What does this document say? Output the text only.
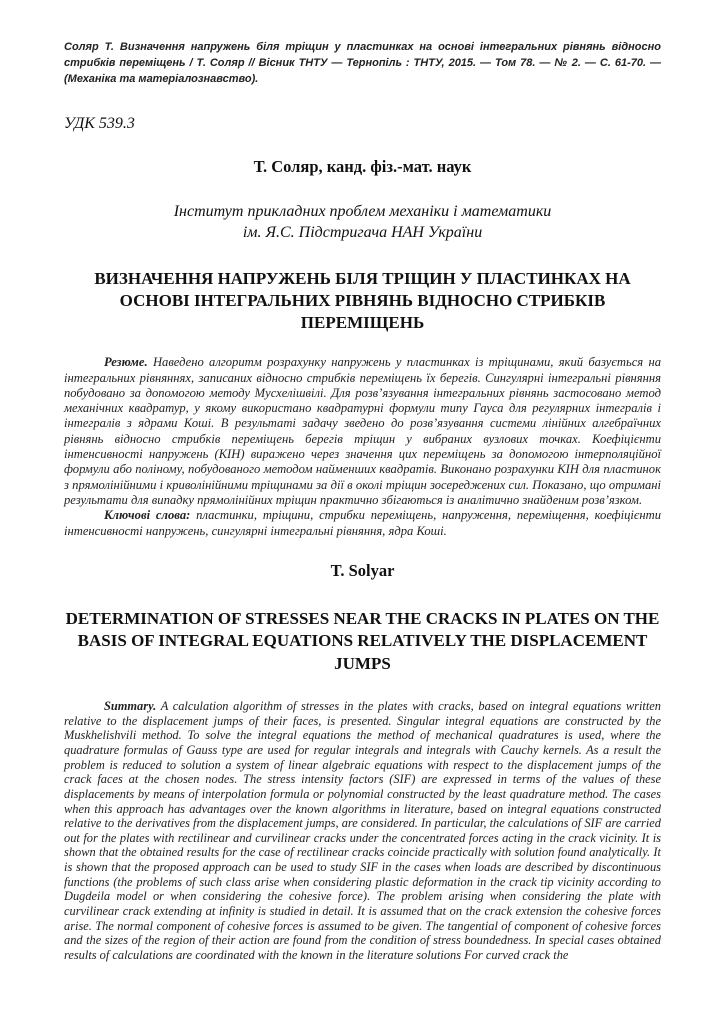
Соляр Т. Визначення напружень біля тріщин у пластинках на основі інтегральних рівнянь відносно стрибків переміщень / Т. Соляр // Вісник ТНТУ — Тернопіль : ТНТУ, 2015. — Том 78. — № 2. — С. 61-70. — (Механіка та матеріалознавство).

УДК 539.3

Т. Соляр, канд. фіз.-мат. наук

Інститут прикладних проблем механіки і математики

ім. Я.С. Підстригача НАН України

ВИЗНАЧЕННЯ НАПРУЖЕНЬ БІЛЯ ТРІЩИН У ПЛАСТИНКАХ НА ОСНОВІ ІНТЕГРАЛЬНИХ РІВНЯНЬ ВІДНОСНО СТРИБКІВ ПЕРЕМІЩЕНЬ

Резюме. Наведено алгоритм розрахунку напружень у пластинках із тріщинами, який базується на інтегральних рівняннях, записаних відносно стрибків переміщень їх берегів. Сингулярні інтегральні рівняння побудовано за допомогою методу Мусхелішвілі. Для розв’язування інтегральних рівнянь застосовано метод механічних квадратур, у якому використано квадратурні формули типу Гауса для регулярних інтегралів і інтегралів з ядрами Коші. В результаті задачу зведено до розв’язування системи лінійних алгебраїчних рівнянь відносно стрибків переміщень берегів тріщин у вибраних вузлових точках. Коефіцієнти інтенсивності напружень (КІН) виражено через значення цих переміщень за допомогою інтерполяційної формули або поліному, побудованого методом найменших квадратів. Виконано розрахунки КІН для пластинок з прямолінійними і криволінійними тріщинами за дії в околі тріщин зосереджених сил. Показано, що отримані результати для випадку прямолінійних тріщин практично збігаються із аналітично знайденим розв’язком.

Ключові слова: пластинки, тріщини, стрибки переміщень, напруження, переміщення, коефіцієнти інтенсивності напружень, сингулярні інтегральні рівняння, ядра Коші.

T. Solyar

DETERMINATION OF STRESSES NEAR THE CRACKS IN PLATES ON THE BASIS OF INTEGRAL EQUATIONS RELATIVELY THE DISPLACEMENT JUMPS

Summary. A calculation algorithm of stresses in the plates with cracks, based on integral equations written relative to the displacement jumps of their faces, is presented. Singular integral equations are constructed by the Muskhelishvili method. To solve the integral equations the method of mechanical quadratures is used, where the quadrature formulas of Gauss type are used for regular integrals and integrals with Cauchy kernels. As a result the problem is reduced to solution a system of linear algebraic equations with respect to the displacement jumps of the crack faces at the chosen nodes. The stress intensity factors (SIF) are expressed in terms of the values of these displacements by means of interpolation formula or polynomial constructed by the least quadrature method. The cases when this approach has advantages over the known algorithms in literature, based on integral equations constructed relative to the derivatives from the displacement jumps, are considered. In particular, the calculations of SIF are carried out for the plates with rectilinear and curvilinear cracks under the concentrated forces acting in the crack vicinity. It is shown that the obtained results for the case of rectilinear cracks coincide practically with solution found analytically. It is shown that the proposed approach can be used to study SIF in the cases when loads are described by discontinuous functions (the problems of such class arise when considering plastic deformation in the crack tip vicinity according to Dugdeila model or when considering the cohesive force). The problem arising when considering the plate with curvilinear crack extending at infinity is studied in detail. It is assumed that on the crack extension the cohesive forces arise. The normal component of cohesive forces is assumed to be given. The tangential of component of cohesive forces and the sizes of the region of their action are found from the condition of stress boundedness. In special cases obtained results of calculations are coordinated with the known in the literature solutions For curved crack the
